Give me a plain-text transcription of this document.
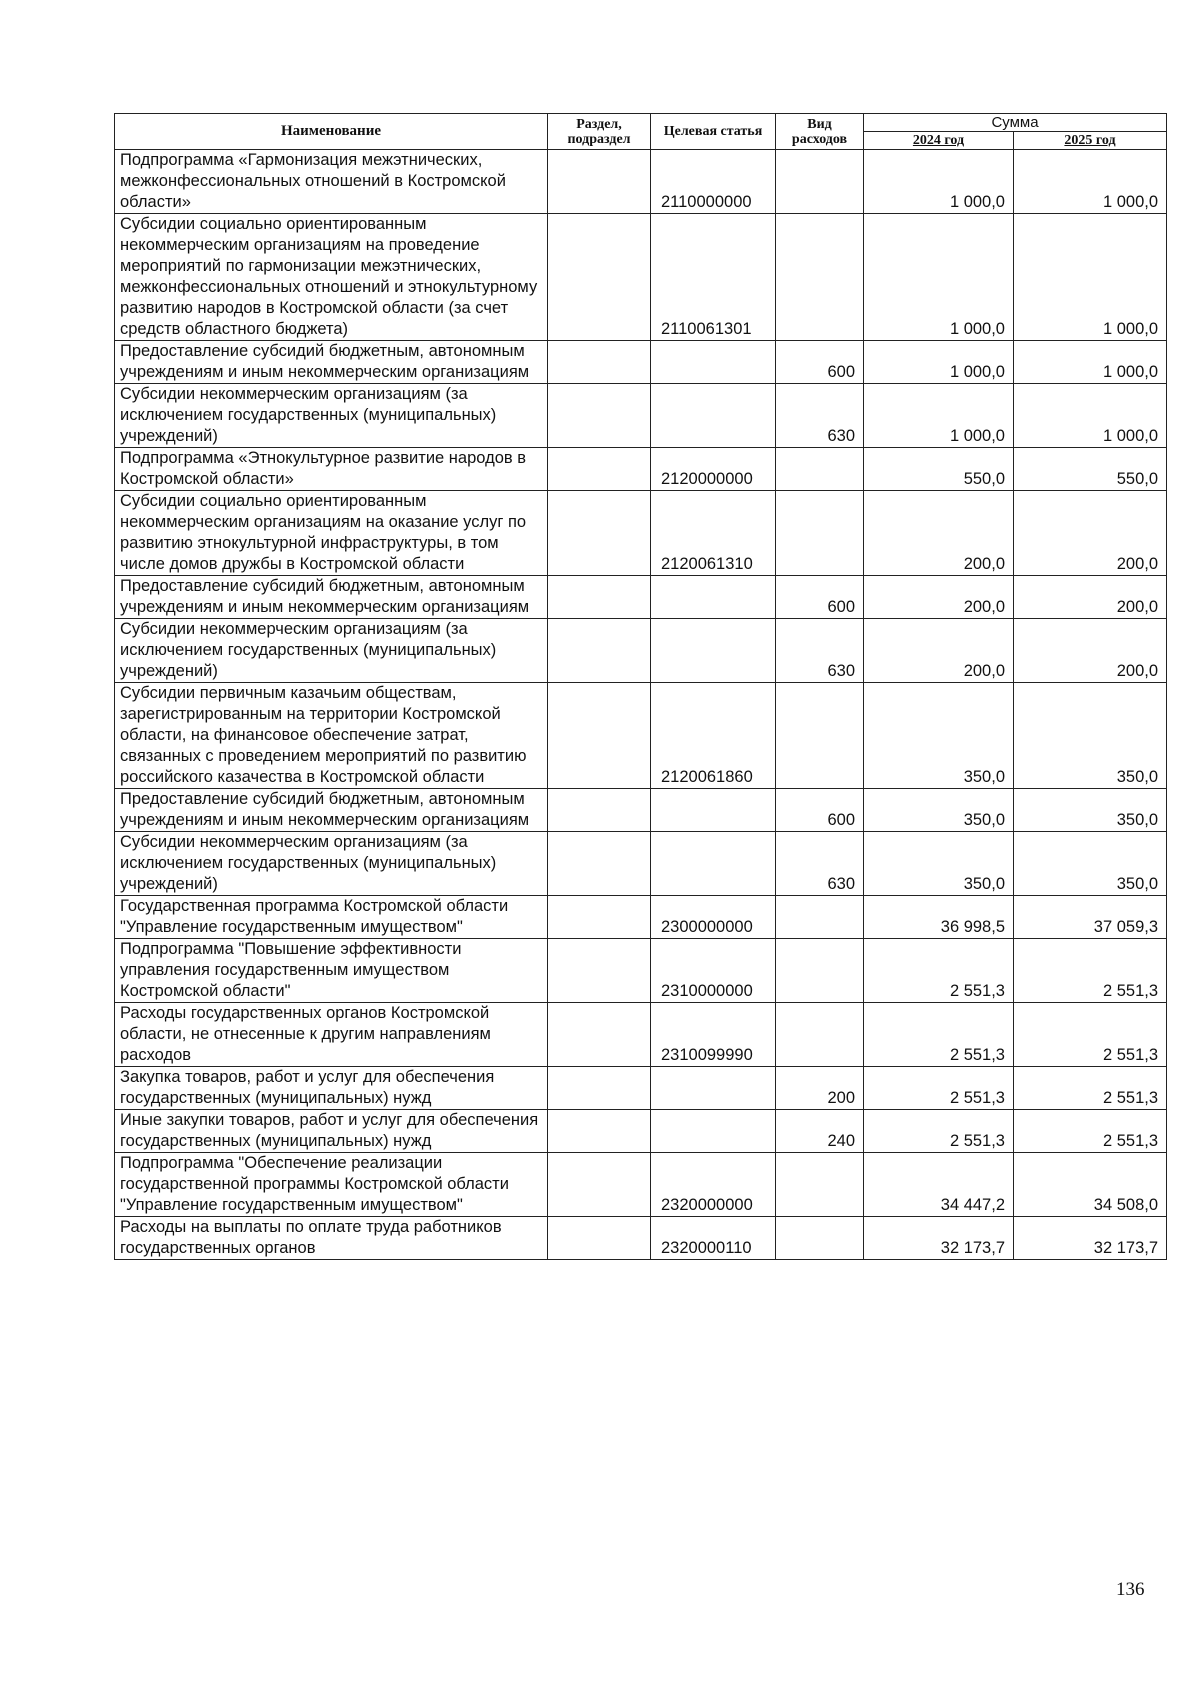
Наименование	Раздел, подраздел	Целевая статья	Вид расходов	Сумма	
				2024 год	2025 год
Подпрограмма «Гармонизация межэтнических, межконфессиональных отношений в Костромской области»		2110000000		1 000,0	1 000,0
Субсидии социально ориентированным некоммерческим организациям на проведение мероприятий по гармонизации межэтнических, межконфессиональных отношений и этнокультурному развитию народов в Костромской области (за счет средств областного бюджета)		2110061301		1 000,0	1 000,0
Предоставление субсидий бюджетным, автономным учреждениям и иным некоммерческим организациям			600	1 000,0	1 000,0
Субсидии некоммерческим организациям (за исключением государственных (муниципальных) учреждений)			630	1 000,0	1 000,0
Подпрограмма «Этнокультурное развитие народов в Костромской области»		2120000000		550,0	550,0
Субсидии социально ориентированным некоммерческим организациям на оказание услуг по развитию этнокультурной инфраструктуры, в том числе домов дружбы в Костромской области		2120061310		200,0	200,0
Предоставление субсидий бюджетным, автономным учреждениям и иным некоммерческим организациям			600	200,0	200,0
Субсидии некоммерческим организациям (за исключением государственных (муниципальных) учреждений)			630	200,0	200,0
Субсидии первичным казачьим обществам, зарегистрированным на территории Костромской области, на финансовое обеспечение затрат, связанных с проведением мероприятий по развитию российского казачества в Костромской области		2120061860		350,0	350,0
Предоставление субсидий бюджетным, автономным учреждениям и иным некоммерческим организациям			600	350,0	350,0
Субсидии некоммерческим организациям (за исключением государственных (муниципальных) учреждений)			630	350,0	350,0
Государственная программа Костромской области "Управление государственным имуществом"		2300000000		36 998,5	37 059,3
Подпрограмма "Повышение эффективности управления государственным имуществом Костромской области"		2310000000		2 551,3	2 551,3
Расходы государственных органов Костромской области, не отнесенные к другим направлениям расходов		2310099990		2 551,3	2 551,3
Закупка товаров, работ и услуг для обеспечения государственных (муниципальных) нужд			200	2 551,3	2 551,3
Иные закупки товаров, работ и услуг для обеспечения государственных (муниципальных) нужд			240	2 551,3	2 551,3
Подпрограмма "Обеспечение реализации государственной программы Костромской области "Управление государственным имуществом"		2320000000		34 447,2	34 508,0
Расходы на выплаты по оплате труда работников государственных органов		2320000110		32 173,7	32 173,7
136
